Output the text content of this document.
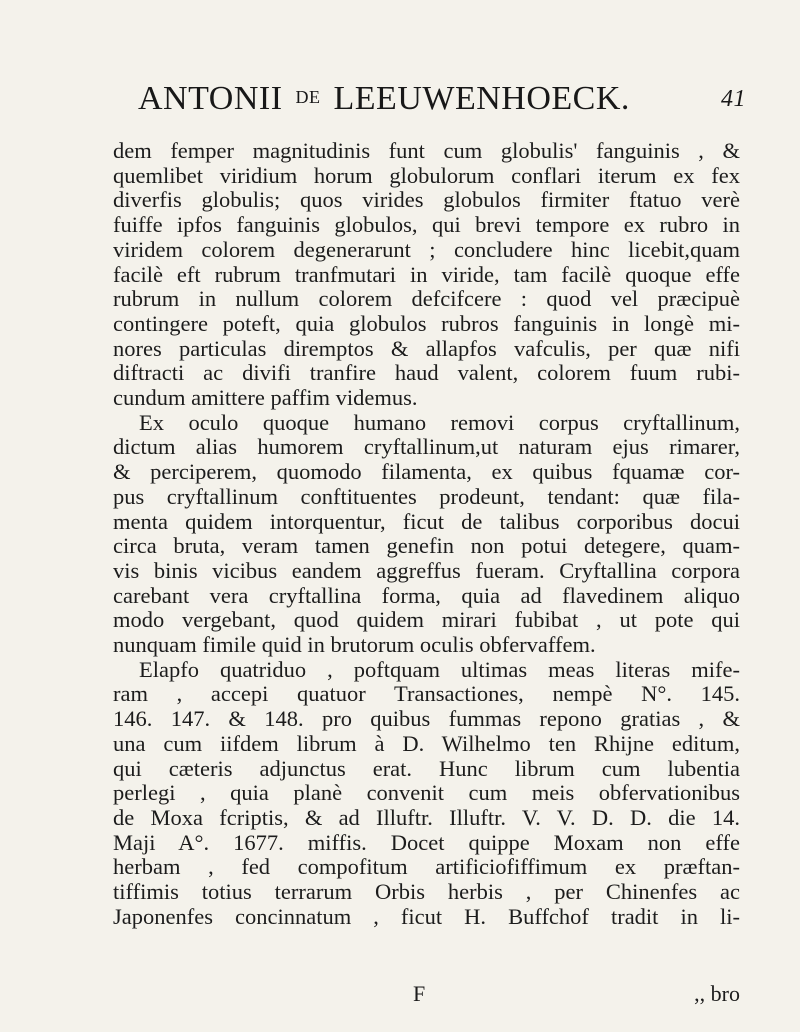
ANTONII DE LEEUWENHOECK.	41
dem femper magnitudinis funt cum globulis' fanguinis , &
quemlibet viridium horum globulorum conflari iterum ex fex
diverfis globulis; quos virides globulos firmiter ftatuo verè
fuiffe ipfos fanguinis globulos, qui brevi tempore ex rubro in
viridem colorem degenerarunt ; concludere hinc licebit,quam
facilè eft rubrum tranfmutari in viride, tam facilè quoque effe
rubrum in nullum colorem defcifcere : quod vel præcipuè
contingere poteft, quia globulos rubros fanguinis in longè mi-
nores particulas diremptos & allapfos vafculis, per quæ nifi
diftracti ac divifi tranfire haud valent, colorem fuum rubi-
cundum amittere paffim videmus.
Ex oculo quoque humano removi corpus cryftallinum,
dictum alias humorem cryftallinum,ut naturam ejus rimarer,
& perciperem, quomodo filamenta, ex quibus fquamæ cor-
pus cryftallinum conftituentes prodeunt, tendant: quæ fila-
menta quidem intorquentur, ficut de talibus corporibus docui
circa bruta, veram tamen genefin non potui detegere, quam-
vis binis vicibus eandem aggreffus fueram. Cryftallina corpora
carebant vera cryftallina forma, quia ad flavedinem aliquo
modo vergebant, quod quidem mirari fubibat , ut pote qui
nunquam fimile quid in brutorum oculis obfervaffem.
Elapfo quatriduo , poftquam ultimas meas literas mife-
ram , accepi quatuor Transactiones, nempè N°. 145.
146. 147. & 148. pro quibus fummas repono gratias , &
una cum iifdem librum à D. Wilhelmo ten Rhijne editum,
qui cæteris adjunctus erat. Hunc librum cum lubentia
perlegi , quia planè convenit cum meis obfervationibus
de Moxa fcriptis, & ad Illuftr. Illuftr. V. V. D. D. die 14.
Maji A°. 1677. miffis. Docet quippe Moxam non effe
herbam , fed compofitum artificiofiffimum ex præftan-
tiffimis totius terrarum Orbis herbis , per Chinenfes ac
Japonenfes concinnatum , ficut H. Buffchof tradit in li-
F	,, bro
